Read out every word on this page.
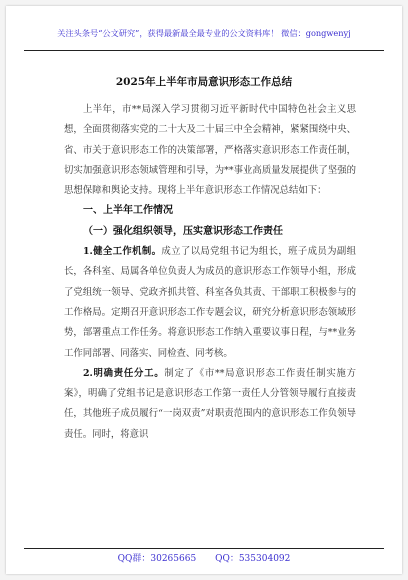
关注头条号“公文研究”，获得最新最全最专业的公文资料库！ 微信：gongwenyj
2025年上半年市局意识形态工作总结

上半年，市**局深入学习贯彻习近平新时代中国特色社会主义思想，全面贯彻落实党的二十大及二十届三中全会精神，紧紧围绕中央、省、市关于意识形态工作的决策部署，严格落实意识形态工作责任制，切实加强意识形态领域管理和引导，为**事业高质量发展提供了坚强的思想保障和舆论支持。现将上半年意识形态工作情况总结如下：

一、上半年工作情况

（一）强化组织领导，压实意识形态工作责任

1.健全工作机制。成立了以局党组书记为组长，班子成员为副组长，各科室、局属各单位负责人为成员的意识形态工作领导小组，形成了党组统一领导、党政齐抓共管、科室各负其责、干部职工积极参与的工作格局。定期召开意识形态工作专题会议，研究分析意识形态领域形势，部署重点工作任务。将意识形态工作纳入重要议事日程，与**业务工作同部署、同落实、同检查、同考核。

2.明确责任分工。制定了《市**局意识形态工作责任制实施方案》，明确了党组书记是意识形态工作第一责任人分管领导履行直接责任，其他班子成员履行“一岗双责”对职责范围内的意识形态工作负领导责任。同时，将意识

QQ群：30265665 QQ：535304092
